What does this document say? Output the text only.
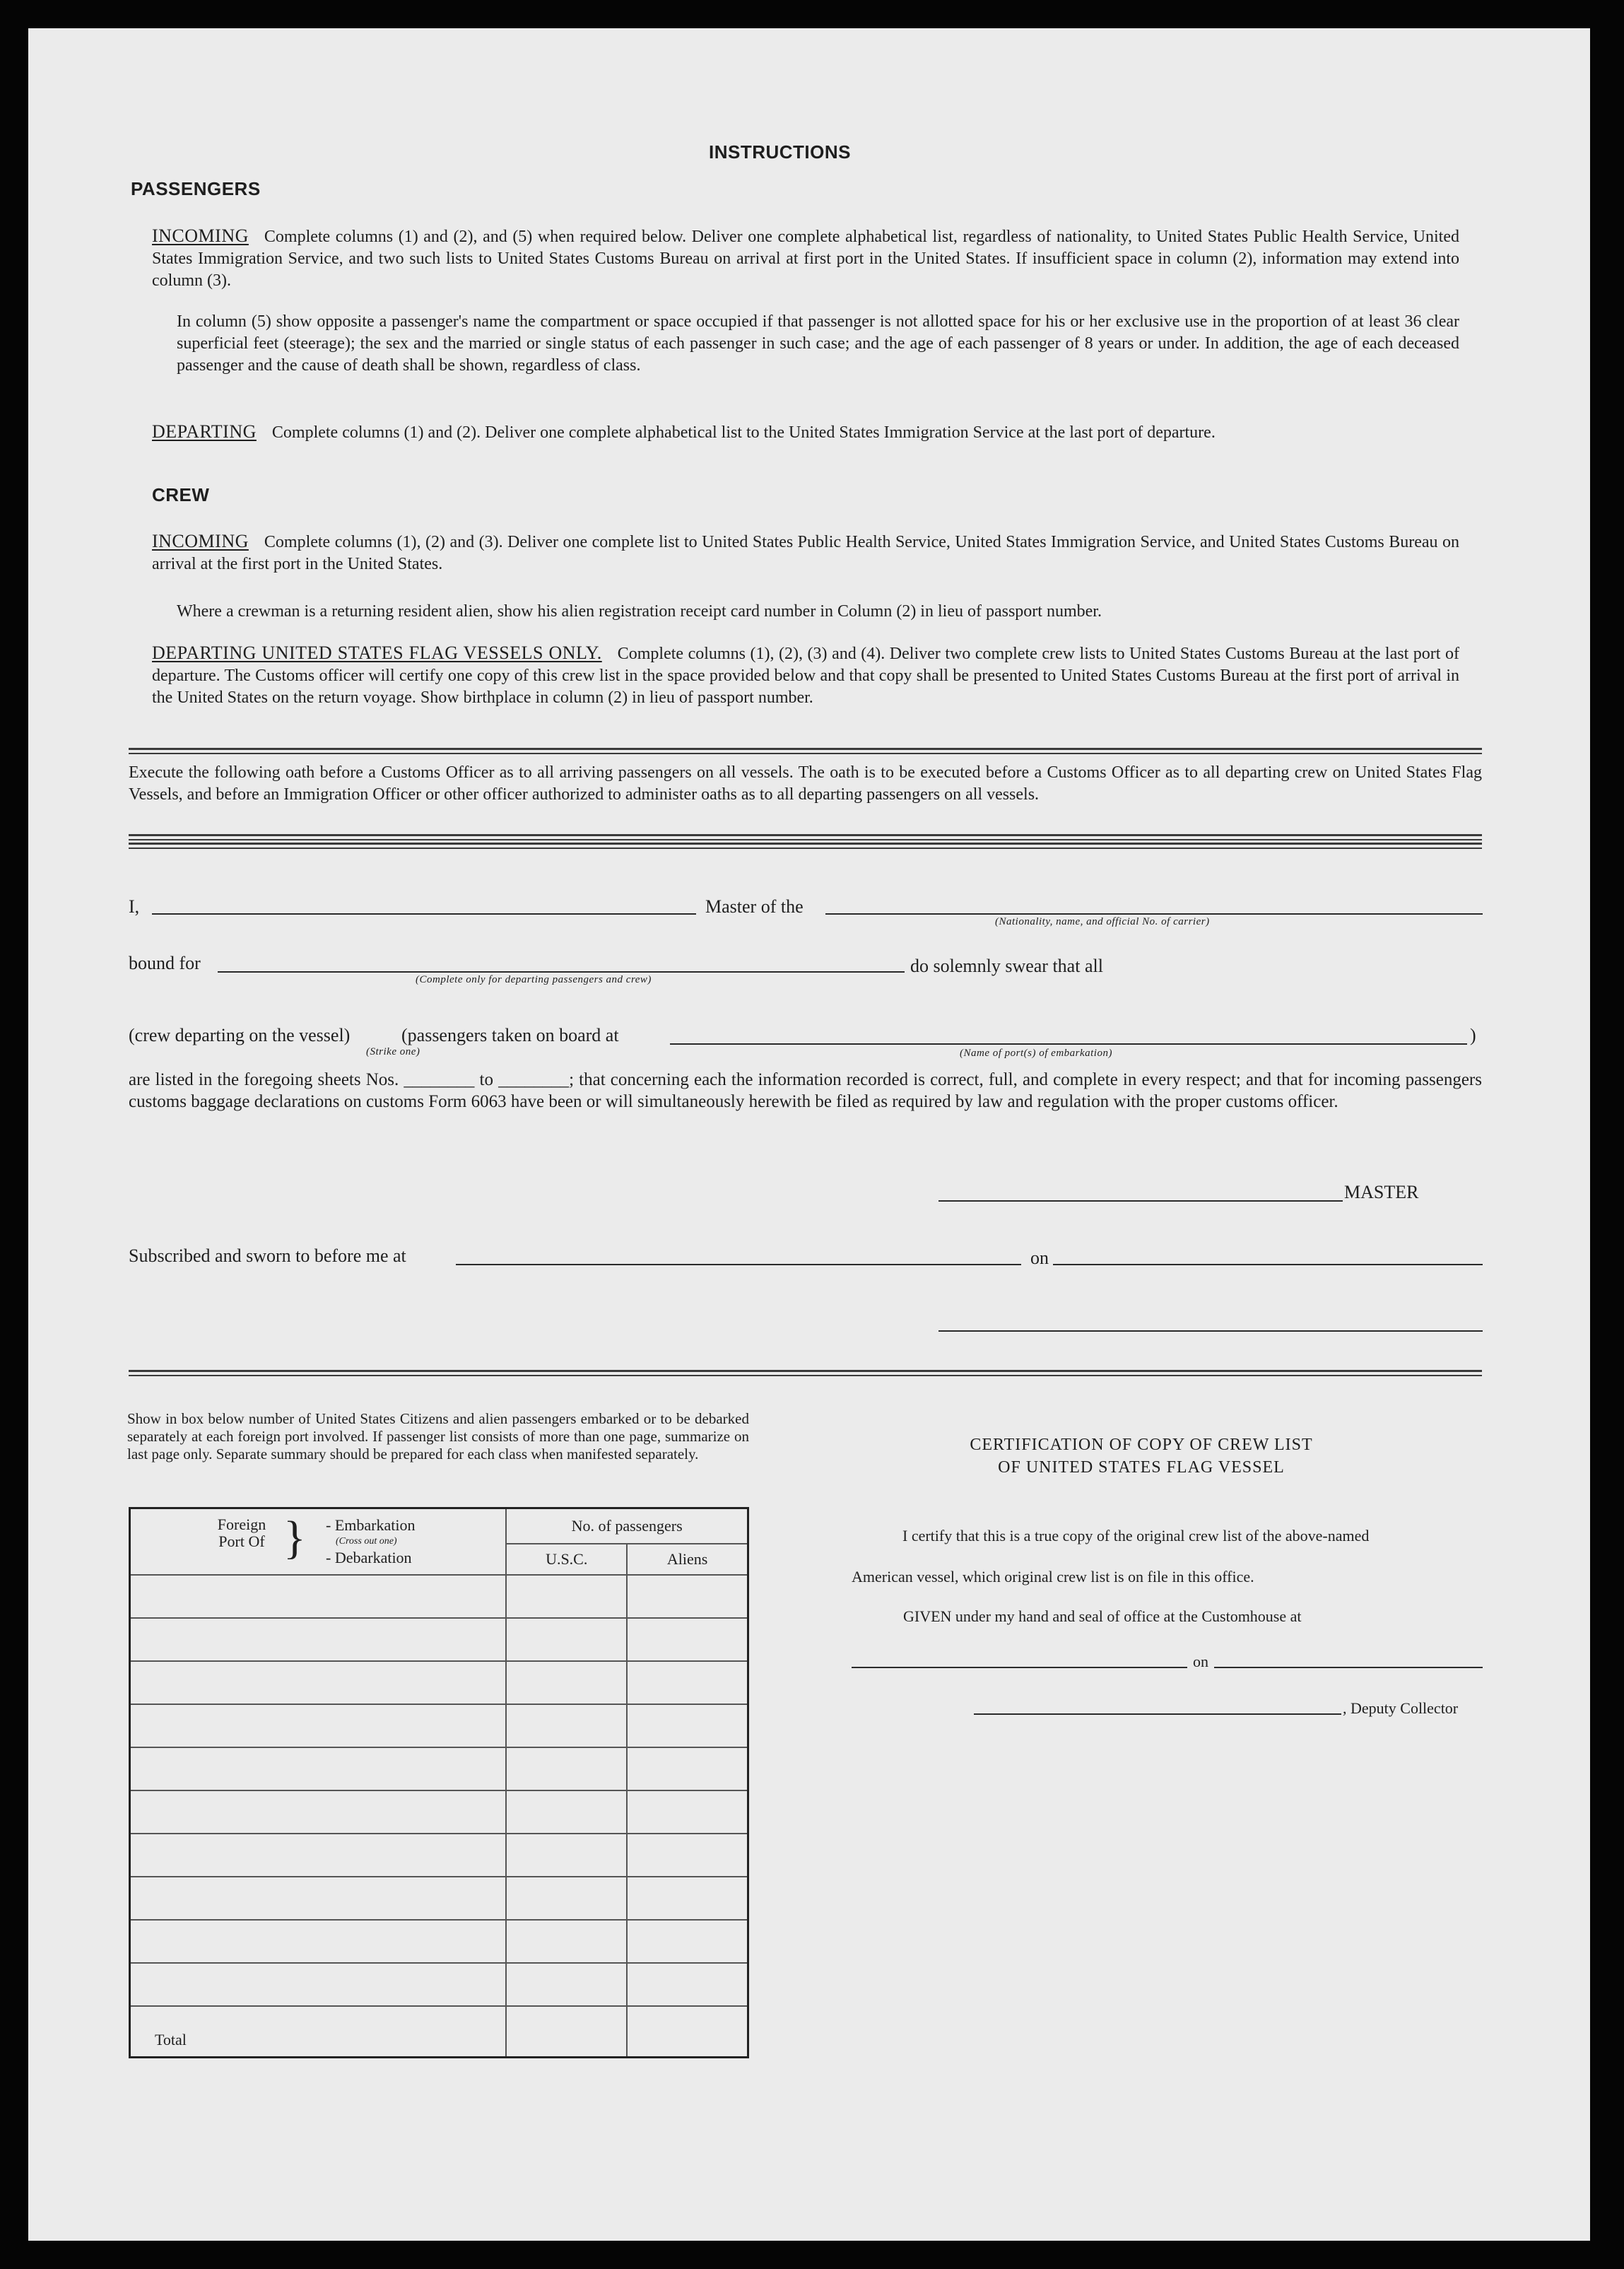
INSTRUCTIONS
PASSENGERS
INCOMING Complete columns (1) and (2), and (5) when required below. Deliver one complete alphabetical list, regardless of nationality, to United States Public Health Service, United States Immigration Service, and two such lists to United States Customs Bureau on arrival at first port in the United States. If insufficient space in column (2), information may extend into column (3).
In column (5) show opposite a passenger's name the compartment or space occupied if that passenger is not allotted space for his or her exclusive use in the proportion of at least 36 clear superficial feet (steerage); the sex and the married or single status of each passenger in such case; and the age of each passenger of 8 years or under. In addition, the age of each deceased passenger and the cause of death shall be shown, regardless of class.
DEPARTING Complete columns (1) and (2). Deliver one complete alphabetical list to the United States Immigration Service at the last port of departure.
CREW
INCOMING Complete columns (1), (2) and (3). Deliver one complete list to United States Public Health Service, United States Immigration Service, and United States Customs Bureau on arrival at the first port in the United States.
Where a crewman is a returning resident alien, show his alien registration receipt card number in Column (2) in lieu of passport number.
DEPARTING UNITED STATES FLAG VESSELS ONLY. Complete columns (1), (2), (3) and (4). Deliver two complete crew lists to United States Customs Bureau at the last port of departure. The Customs officer will certify one copy of this crew list in the space provided below and that copy shall be presented to United States Customs Bureau at the first port of arrival in the United States on the return voyage. Show birthplace in column (2) in lieu of passport number.
Execute the following oath before a Customs Officer as to all arriving passengers on all vessels. The oath is to be executed before a Customs Officer as to all departing crew on United States Flag Vessels, and before an Immigration Officer or other officer authorized to administer oaths as to all departing passengers on all vessels.
I,	Master of the
(Nationality, name, and official No. of carrier)
bound for
(Complete only for departing passengers and crew)
do solemnly swear that all
(crew departing on the vessel)
(Strike one)
(passengers taken on board at	)
(Name of port(s) of embarkation)
are listed in the foregoing sheets Nos. ________ to ________; that concerning each the information recorded is correct, full, and complete in every respect; and that for incoming passengers customs baggage declarations on customs Form 6063 have been or will simultaneously herewith be filed as required by law and regulation with the proper customs officer.
MASTER
Subscribed and sworn to before me at	on
Show in box below number of United States Citizens and alien passengers embarked or to be debarked separately at each foreign port involved. If passenger list consists of more than one page, summarize on last page only. Separate summary should be prepared for each class when manifested separately.
Foreign Port Of } - Embarkation
(Cross out one)
- Debarkation	No. of passengers	
	U.S.C.	Aliens

Total		
CERTIFICATION OF COPY OF CREW LIST
OF UNITED STATES FLAG VESSEL
I certify that this is a true copy of the original crew list of the above-named
American vessel, which original crew list is on file in this office.
GIVEN under my hand and seal of office at the Customhouse at
on
, Deputy Collector
